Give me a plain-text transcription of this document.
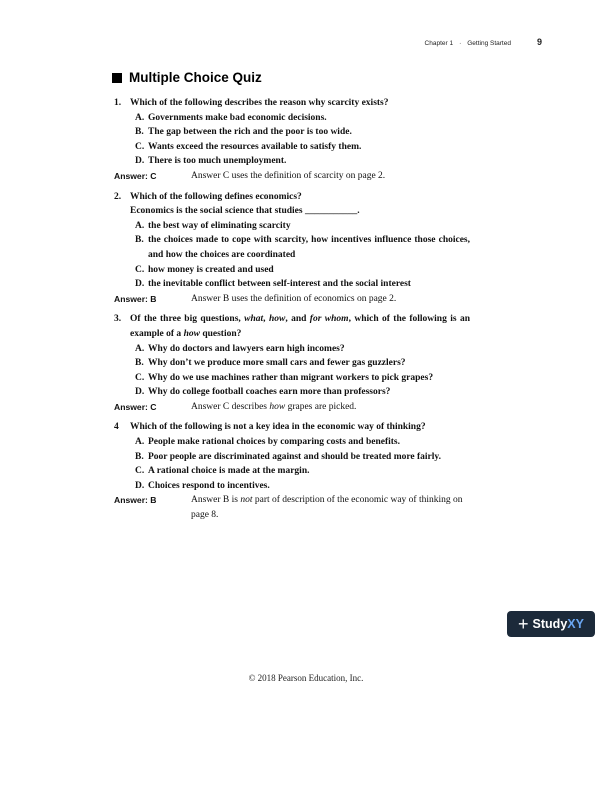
Chapter 1 · Getting Started	9
Multiple Choice Quiz
1. Which of the following describes the reason why scarcity exists?
A. Governments make bad economic decisions.
B. The gap between the rich and the poor is too wide.
C. Wants exceed the resources available to satisfy them.
D. There is too much unemployment.
Answer: C	Answer C uses the definition of scarcity on page 2.
2. Which of the following defines economics?
Economics is the social science that studies ___________.
A. the best way of eliminating scarcity
B. the choices made to cope with scarcity, how incentives influence those choices, and how the choices are coordinated
C. how money is created and used
D. the inevitable conflict between self-interest and the social interest
Answer: B	Answer B uses the definition of economics on page 2.
3. Of the three big questions, what, how, and for whom, which of the following is an example of a how question?
A. Why do doctors and lawyers earn high incomes?
B. Why don’t we produce more small cars and fewer gas guzzlers?
C. Why do we use machines rather than migrant workers to pick grapes?
D. Why do college football coaches earn more than professors?
Answer: C	Answer C describes how grapes are picked.
4	Which of the following is not a key idea in the economic way of thinking?
A. People make rational choices by comparing costs and benefits.
B. Poor people are discriminated against and should be treated more fairly.
C. A rational choice is made at the margin.
D. Choices respond to incentives.
Answer: B	Answer B is not part of description of the economic way of thinking on page 8.
+ Study XY
© 2018 Pearson Education, Inc.
